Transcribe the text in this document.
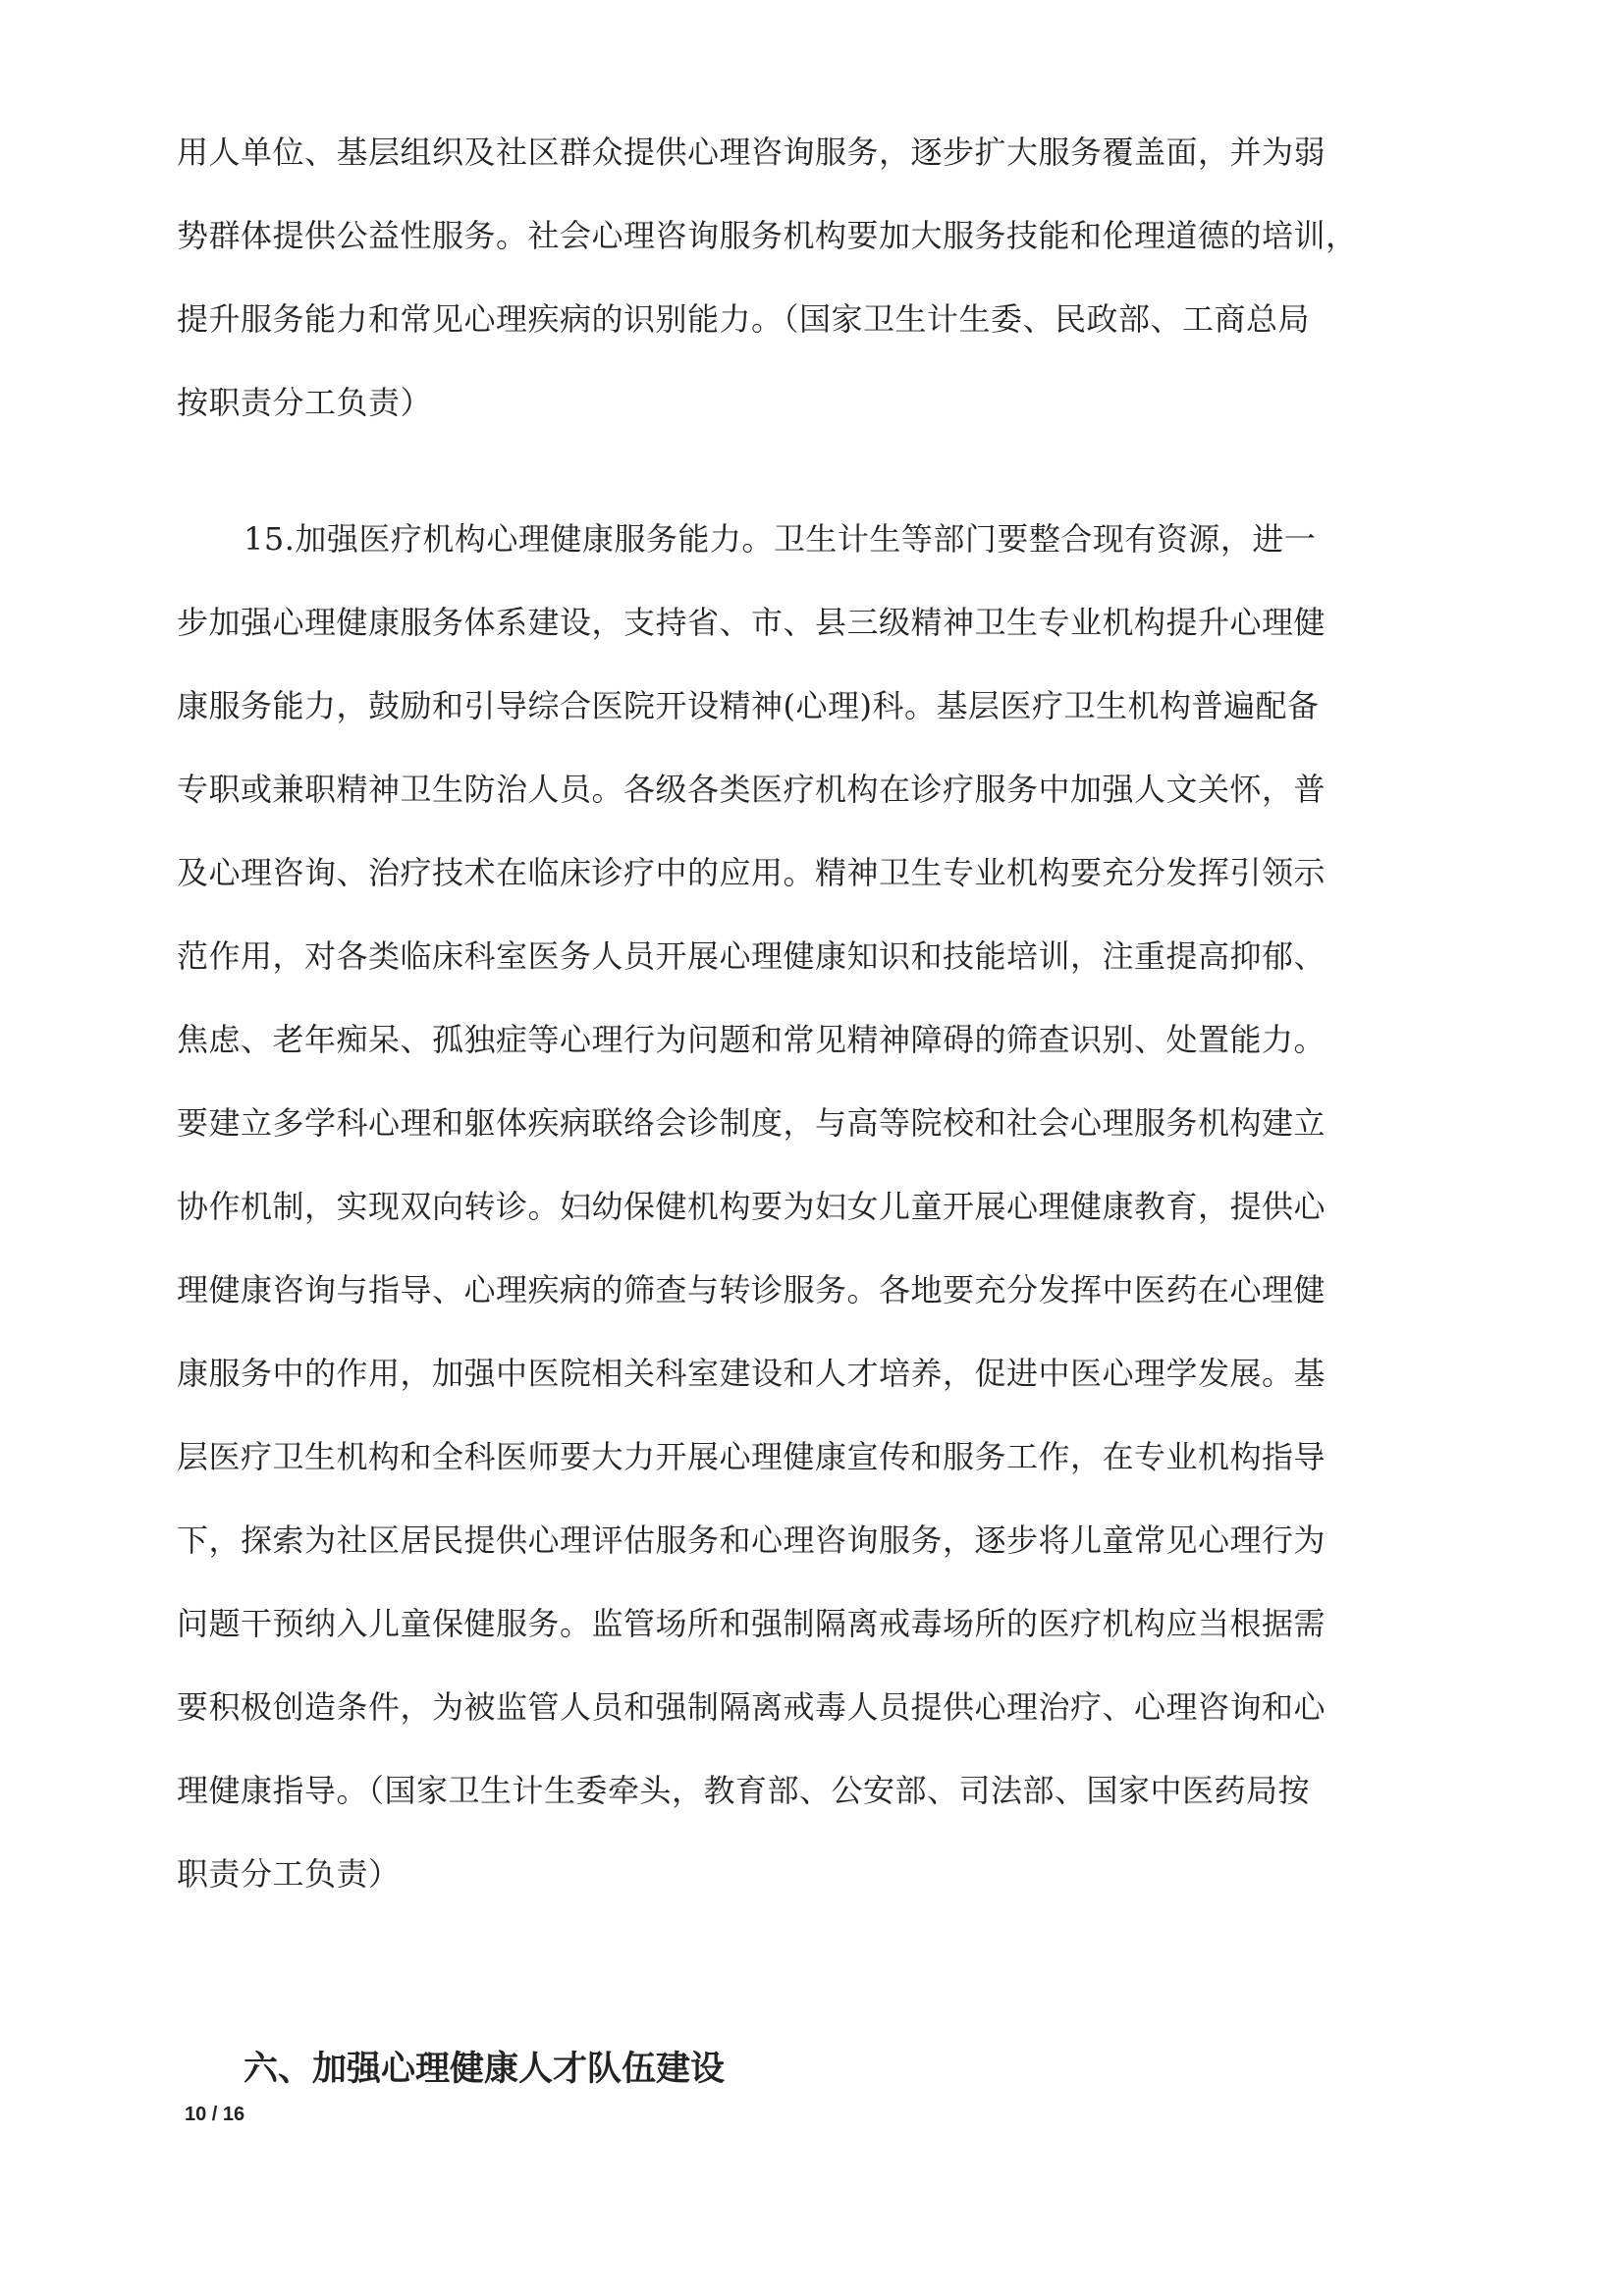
用人单位、基层组织及社区群众提供心理咨询服务，逐步扩大服务覆盖面，并为弱
势群体提供公益性服务。社会心理咨询服务机构要加大服务技能和伦理道德的培训，
提升服务能力和常见心理疾病的识别能力。（国家卫生计生委、民政部、工商总局
按职责分工负责）
15.加强医疗机构心理健康服务能力。卫生计生等部门要整合现有资源，进一
步加强心理健康服务体系建设，支持省、市、县三级精神卫生专业机构提升心理健
康服务能力，鼓励和引导综合医院开设精神(心理)科。基层医疗卫生机构普遍配备
专职或兼职精神卫生防治人员。各级各类医疗机构在诊疗服务中加强人文关怀，普
及心理咨询、治疗技术在临床诊疗中的应用。精神卫生专业机构要充分发挥引领示
范作用，对各类临床科室医务人员开展心理健康知识和技能培训，注重提高抑郁、
焦虑、老年痴呆、孤独症等心理行为问题和常见精神障碍的筛查识别、处置能力。
要建立多学科心理和躯体疾病联络会诊制度，与高等院校和社会心理服务机构建立
协作机制，实现双向转诊。妇幼保健机构要为妇女儿童开展心理健康教育，提供心
理健康咨询与指导、心理疾病的筛查与转诊服务。各地要充分发挥中医药在心理健
康服务中的作用，加强中医院相关科室建设和人才培养，促进中医心理学发展。基
层医疗卫生机构和全科医师要大力开展心理健康宣传和服务工作，在专业机构指导
下，探索为社区居民提供心理评估服务和心理咨询服务，逐步将儿童常见心理行为
问题干预纳入儿童保健服务。监管场所和强制隔离戒毒场所的医疗机构应当根据需
要积极创造条件，为被监管人员和强制隔离戒毒人员提供心理治疗、心理咨询和心
理健康指导。（国家卫生计生委牵头，教育部、公安部、司法部、国家中医药局按
职责分工负责）
六、加强心理健康人才队伍建设
10 / 16
